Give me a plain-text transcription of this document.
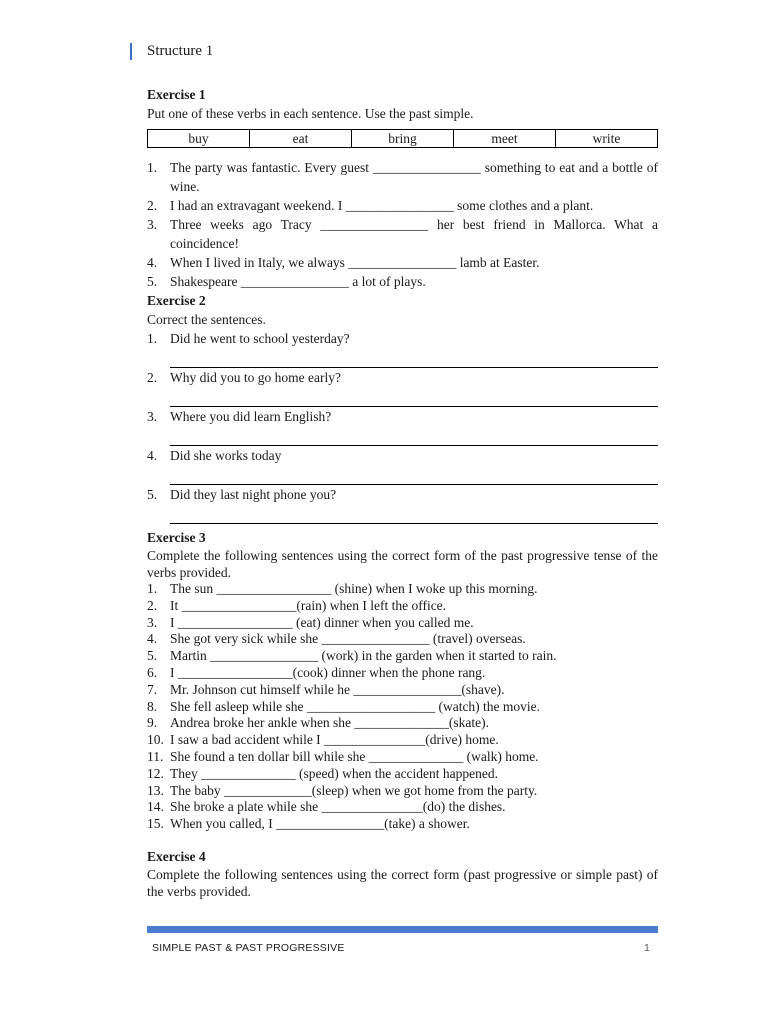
Structure 1
Exercise 1
Put one of these verbs in each sentence. Use the past simple.
buy	eat	bring	meet	write
1. The party was fantastic. Every guest ________________ something to eat and a bottle of wine.
2. I had an extravagant weekend. I ________________ some clothes and a plant.
3. Three weeks ago Tracy ________________ her best friend in Mallorca. What a coincidence!
4. When I lived in Italy, we always ________________ lamb at Easter.
5. Shakespeare ________________ a lot of plays.
Exercise 2
Correct the sentences.
1. Did he went to school yesterday?
2. Why did you to go home early?
3. Where you did learn English?
4. Did she works today
5. Did they last night phone you?
Exercise 3
Complete the following sentences using the correct form of the past progressive tense of the verbs provided.
1. The sun _________________ (shine) when I woke up this morning.
2. It _________________(rain) when I left the office.
3. I _________________ (eat) dinner when you called me.
4. She got very sick while she ________________ (travel) overseas.
5. Martin ________________ (work) in the garden when it started to rain.
6. I _________________(cook) dinner when the phone rang.
7. Mr. Johnson cut himself while he ________________(shave).
8. She fell asleep while she ___________________ (watch) the movie.
9. Andrea broke her ankle when she ______________(skate).
10. I saw a bad accident while I _______________(drive) home.
11. She found a ten dollar bill while she ______________ (walk) home.
12. They ______________ (speed) when the accident happened.
13. The baby _____________(sleep) when we got home from the party.
14. She broke a plate while she _______________(do) the dishes.
15. When you called, I ________________(take) a shower.
Exercise 4
Complete the following sentences using the correct form (past progressive or simple past) of the verbs provided.
SIMPLE PAST & PAST PROGRESSIVE	1
